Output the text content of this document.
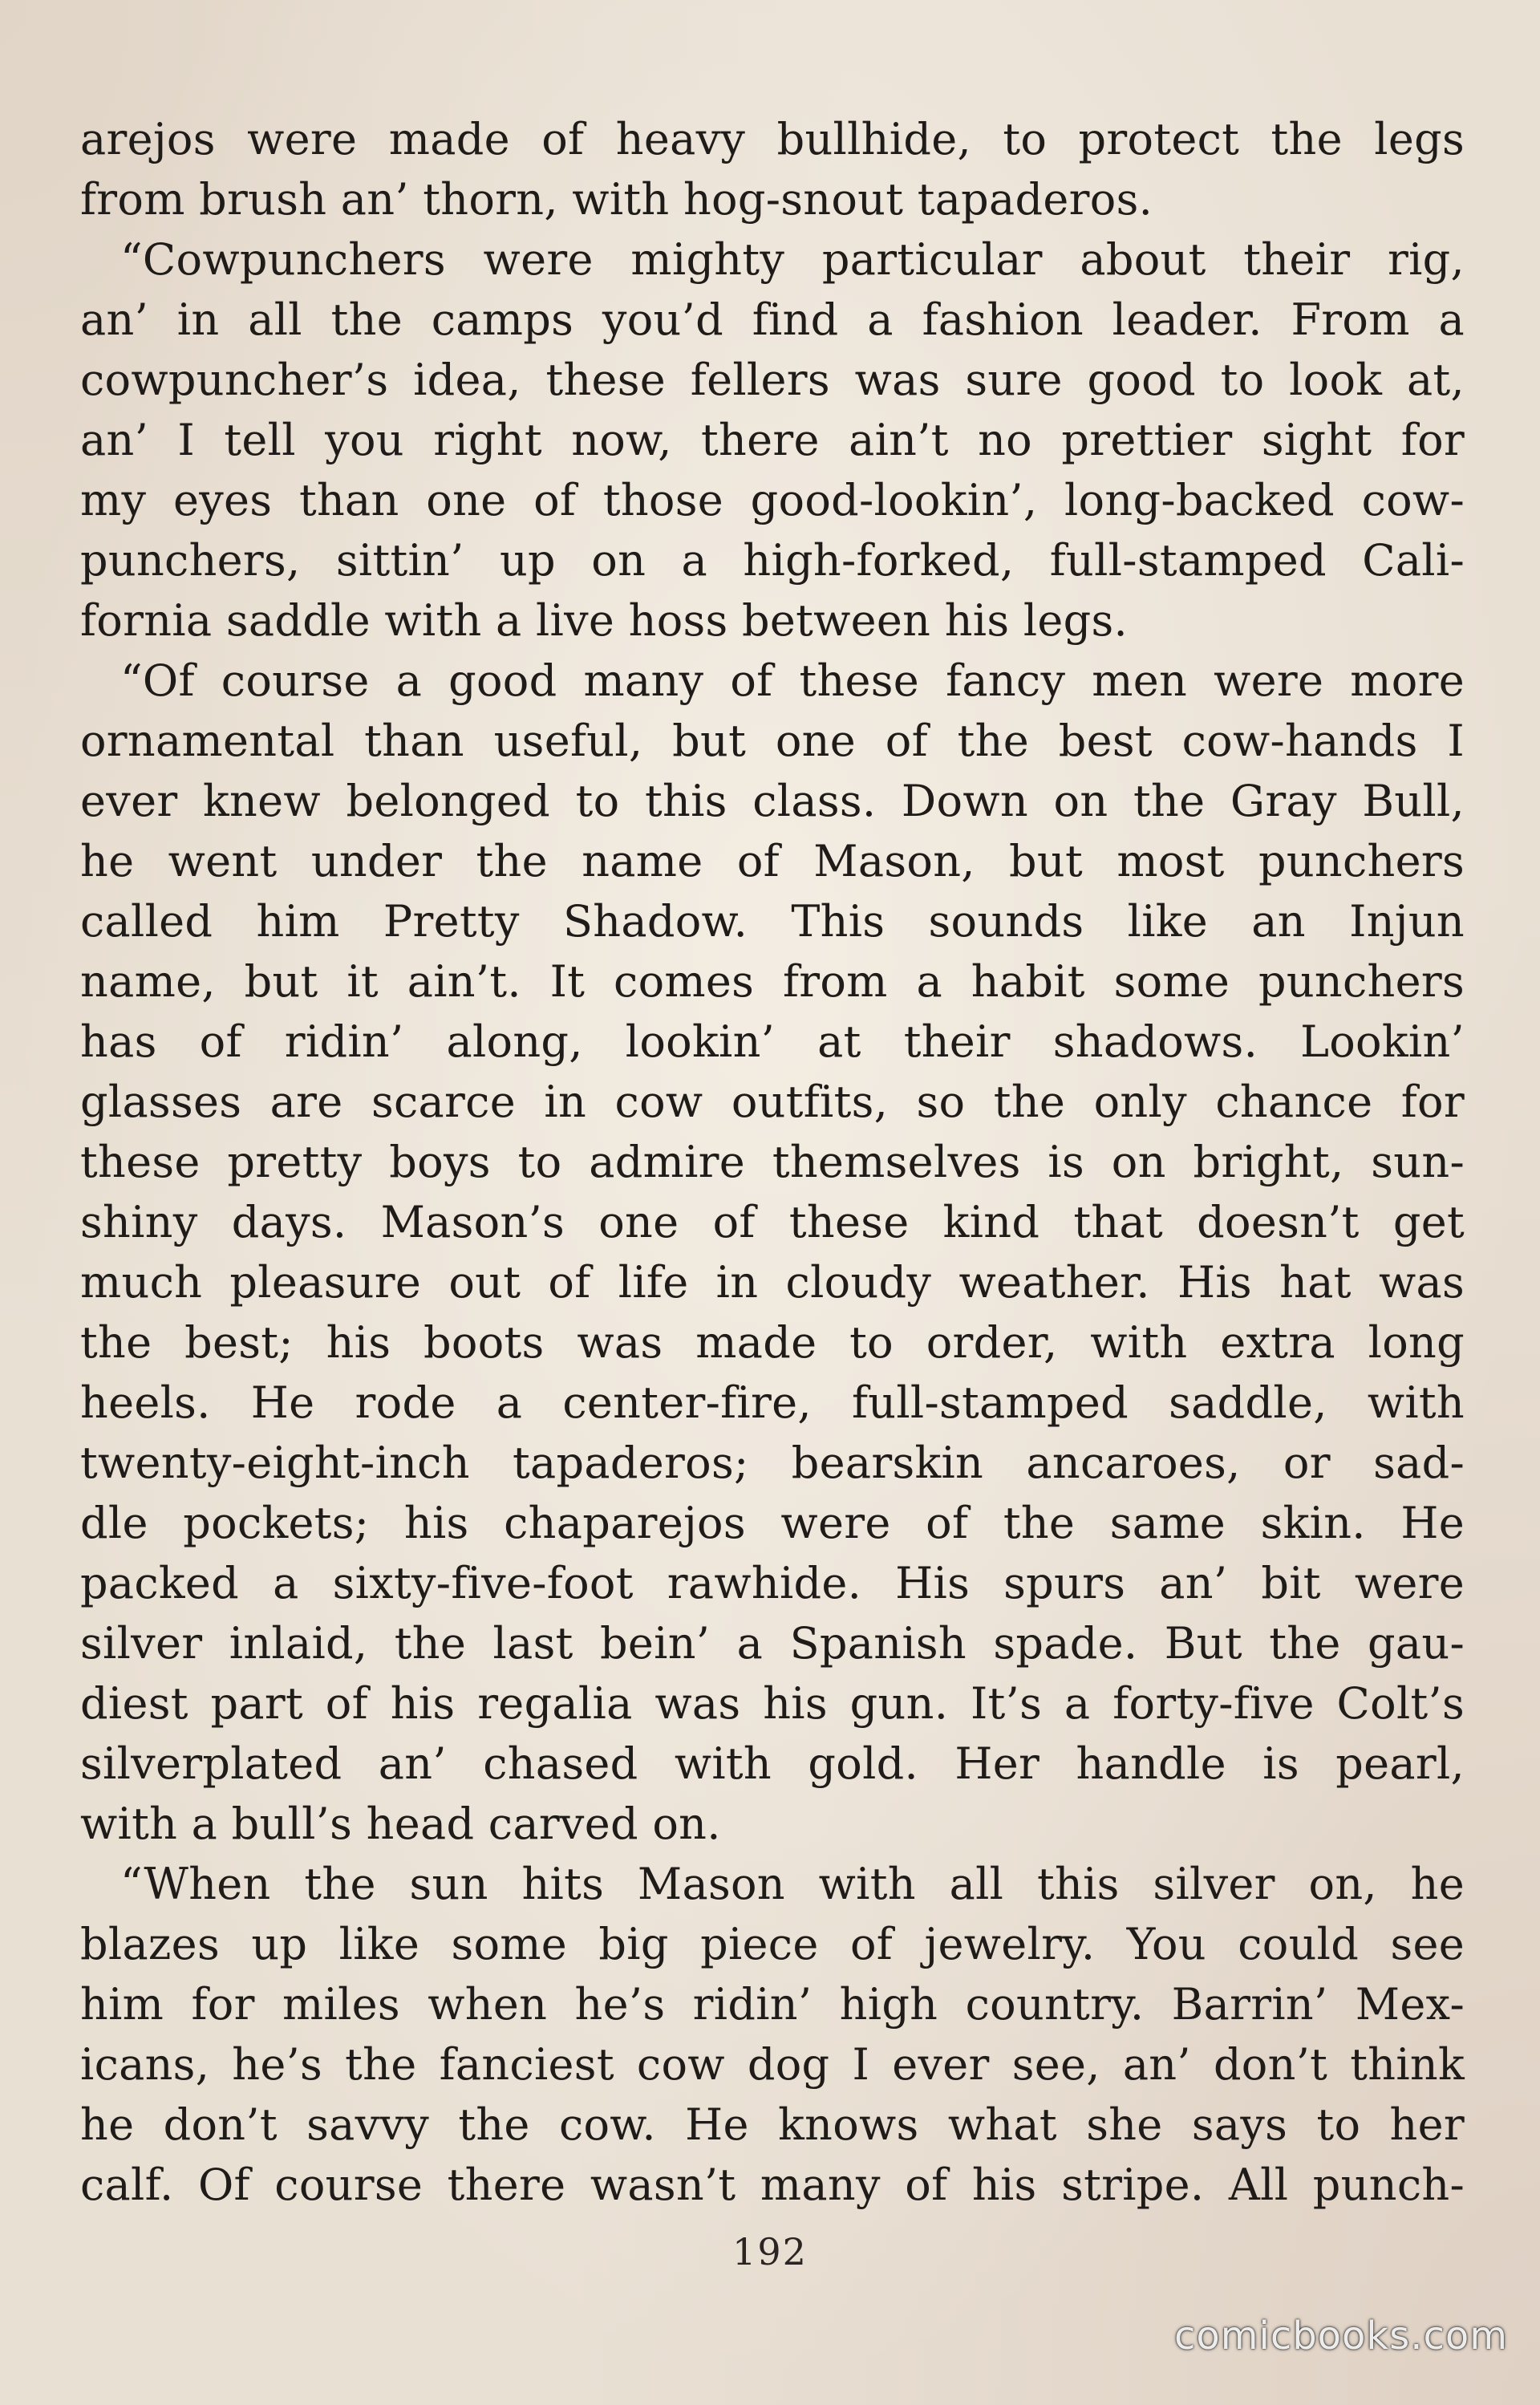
arejos were made of heavy bullhide, to protect the legs
from brush an’ thorn, with hog-snout tapaderos.
“Cowpunchers were mighty particular about their rig,
an’ in all the camps you’d find a fashion leader. From a
cowpuncher’s idea, these fellers was sure good to look at,
an’ I tell you right now, there ain’t no prettier sight for
my eyes than one of those good-lookin’, long-backed cow-
punchers, sittin’ up on a high-forked, full-stamped Cali-
fornia saddle with a live hoss between his legs.
“Of course a good many of these fancy men were more
ornamental than useful, but one of the best cow-hands I
ever knew belonged to this class. Down on the Gray Bull,
he went under the name of Mason, but most punchers
called him Pretty Shadow. This sounds like an Injun
name, but it ain’t. It comes from a habit some punchers
has of ridin’ along, lookin’ at their shadows. Lookin’
glasses are scarce in cow outfits, so the only chance for
these pretty boys to admire themselves is on bright, sun-
shiny days. Mason’s one of these kind that doesn’t get
much pleasure out of life in cloudy weather. His hat was
the best; his boots was made to order, with extra long
heels. He rode a center-fire, full-stamped saddle, with
twenty-eight-inch tapaderos; bearskin ancaroes, or sad-
dle pockets; his chaparejos were of the same skin. He
packed a sixty-five-foot rawhide. His spurs an’ bit were
silver inlaid, the last bein’ a Spanish spade. But the gau-
diest part of his regalia was his gun. It’s a forty-five Colt’s
silverplated an’ chased with gold. Her handle is pearl,
with a bull’s head carved on.
“When the sun hits Mason with all this silver on, he
blazes up like some big piece of jewelry. You could see
him for miles when he’s ridin’ high country. Barrin’ Mex-
icans, he’s the fanciest cow dog I ever see, an’ don’t think
he don’t savvy the cow. He knows what she says to her
calf. Of course there wasn’t many of his stripe. All punch-
192
comicbooks.com
